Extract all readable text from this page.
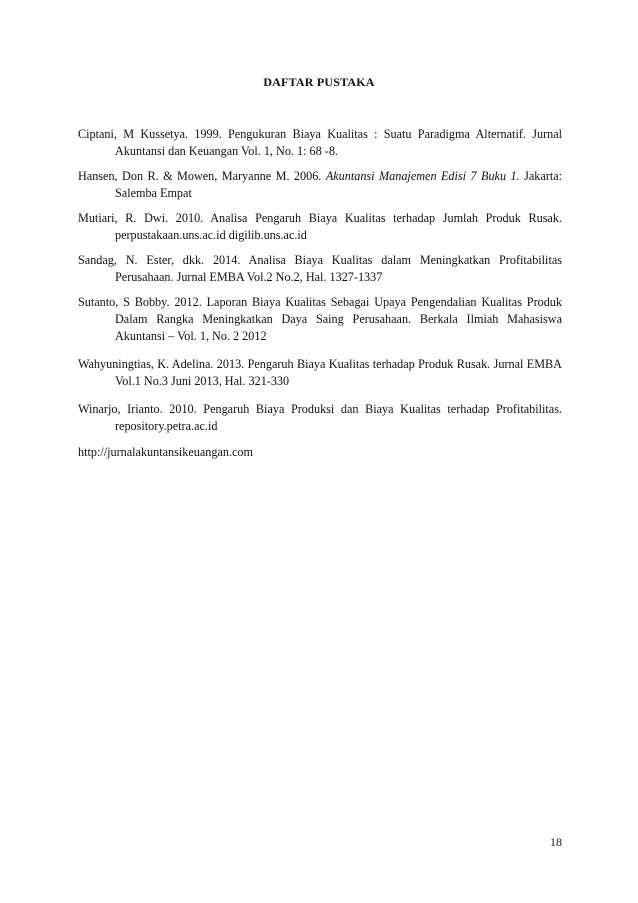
DAFTAR PUSTAKA

Ciptani, M Kussetya. 1999. Pengukuran Biaya Kualitas : Suatu Paradigma Alternatif. Jurnal Akuntansi dan Keuangan Vol. 1, No. 1: 68 -8.

Hansen, Don R. & Mowen, Maryanne M. 2006. Akuntansi Manajemen Edisi 7 Buku 1. Jakarta: Salemba Empat

Mutiari, R. Dwi. 2010. Analisa Pengaruh Biaya Kualitas terhadap Jumlah Produk Rusak. perpustakaan.uns.ac.id digilib.uns.ac.id

Sandag, N. Ester, dkk. 2014. Analisa Biaya Kualitas dalam Meningkatkan Profitabilitas Perusahaan. Jurnal EMBA Vol.2 No.2, Hal. 1327-1337

Sutanto, S Bobby. 2012. Laporan Biaya Kualitas Sebagai Upaya Pengendalian Kualitas Produk Dalam Rangka Meningkatkan Daya Saing Perusahaan. Berkala Ilmiah Mahasiswa Akuntansi – Vol. 1, No. 2 2012

Wahyuningtias, K. Adelina. 2013. Pengaruh Biaya Kualitas terhadap Produk Rusak. Jurnal EMBA Vol.1 No.3 Juni 2013, Hal. 321-330

Winarjo, Irianto. 2010. Pengaruh Biaya Produksi dan Biaya Kualitas terhadap Profitabilitas. repository.petra.ac.id

http://jurnalakuntansikeuangan.com
18
